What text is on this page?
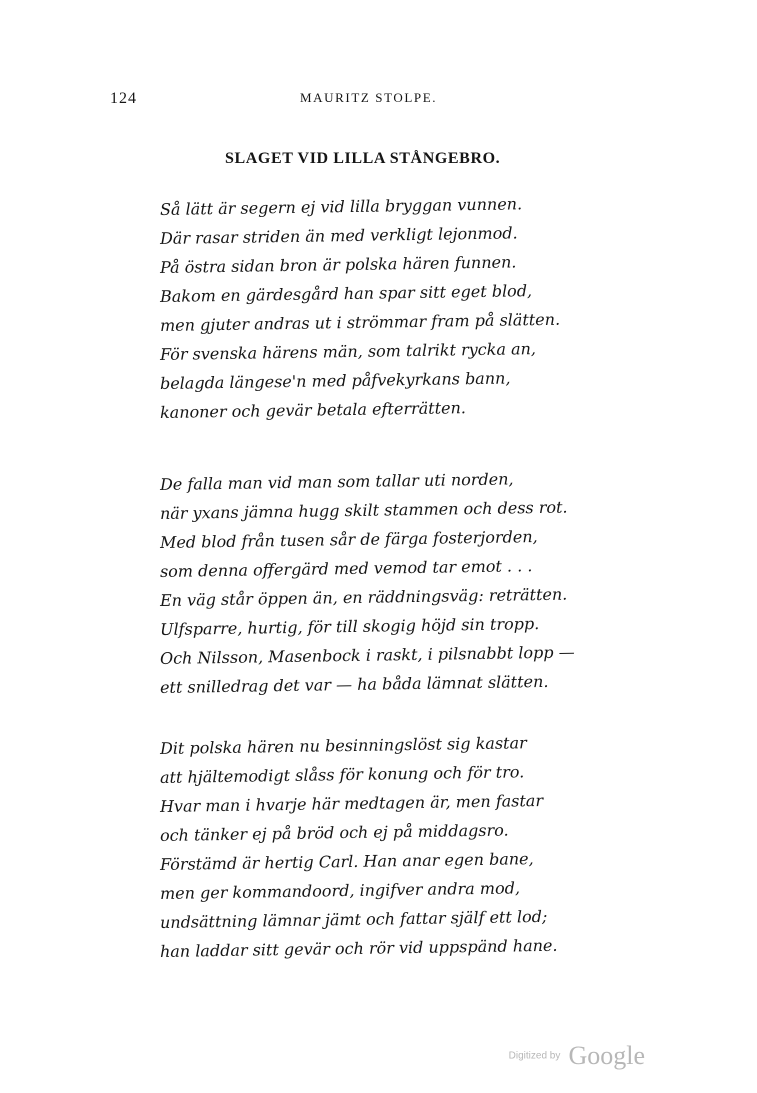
124	MAURITZ STOLPE.
SLAGET VID LILLA STÅNGEBRO.
Så lätt är segern ej vid lilla bryggan vunnen.
Där rasar striden än med verkligt lejonmod.
På östra sidan bron är polska hären funnen.
Bakom en gärdesgård han spar sitt eget blod,
men gjuter andras ut i strömmar fram på slätten.
För svenska härens män, som talrikt rycka an,
belagda längese'n med påfvekyrkans bann,
kanoner och gevär betala efterrätten.
De falla man vid man som tallar uti norden,
när yxans jämna hugg skilt stammen och dess rot.
Med blod från tusen sår de färga fosterjorden,
som denna offergärd med vemod tar emot . . .
En väg står öppen än, en räddningsväg: reträtten.
Ulfsparre, hurtig, för till skogig höjd sin tropp.
Och Nilsson, Masenbock i raskt, i pilsnabbt lopp —
ett snilledrag det var — ha båda lämnat slätten.
Dit polska hären nu besinningslöst sig kastar
att hjältemodigt slåss för konung och för tro.
Hvar man i hvarje här medtagen är, men fastar
och tänker ej på bröd och ej på middagsro.
Förstämd är hertig Carl. Han anar egen bane,
men ger kommandoord, ingifver andra mod,
undsättning lämnar jämt och fattar själf ett lod;
han laddar sitt gevär och rör vid uppspänd hane.
Digitized by Google
